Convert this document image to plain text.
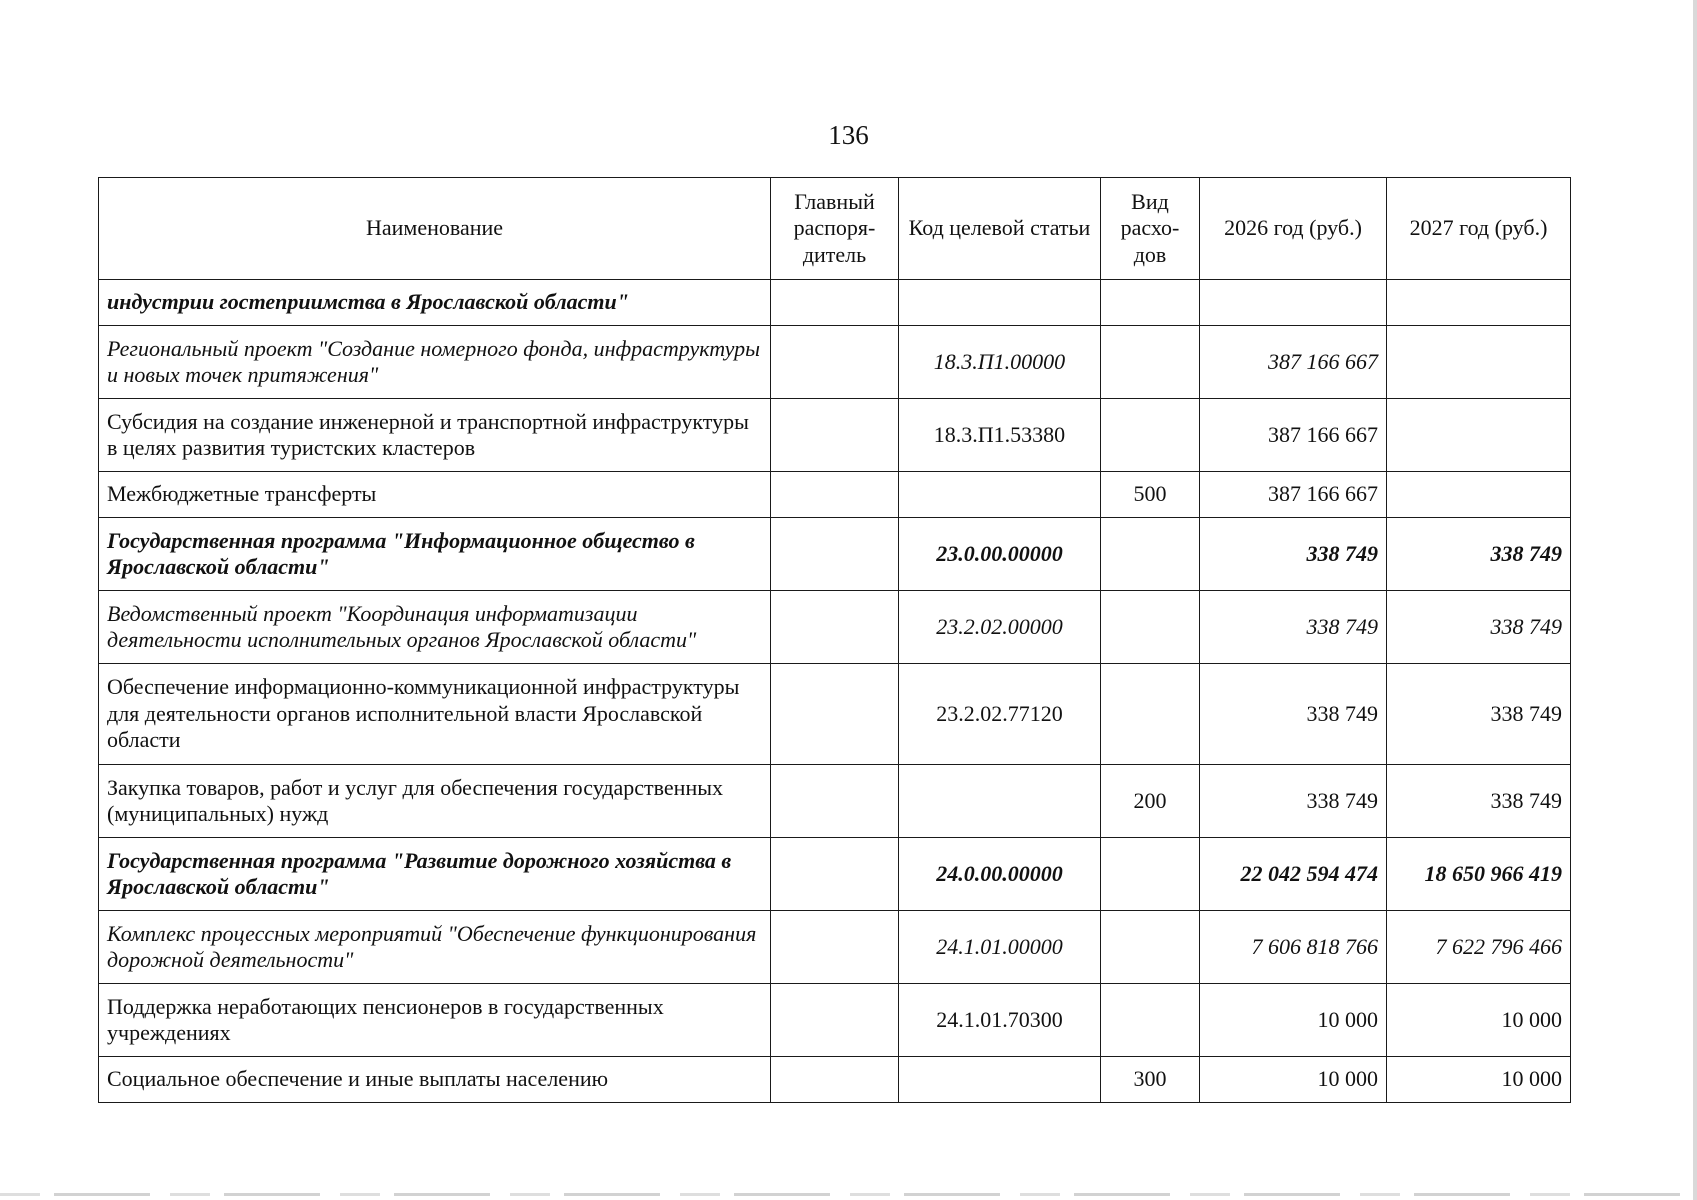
136
Наименование	Главный распоря-дитель	Код целевой статьи	Вид расхо-дов	2026 год (руб.)	2027 год (руб.)
индустрии гостеприимства в Ярославской области"					
Региональный проект "Создание номерного фонда, инфраструктуры и новых точек притяжения"		18.3.П1.00000		387 166 667	
Субсидия на создание инженерной и транспортной инфраструктуры в целях развития туристских кластеров		18.3.П1.53380		387 166 667	
Межбюджетные трансферты			500	387 166 667	
Государственная программа "Информационное общество в Ярославской области"		23.0.00.00000		338 749	338 749
Ведомственный проект "Координация информатизации деятельности исполнительных органов Ярославской области"		23.2.02.00000		338 749	338 749
Обеспечение информационно-коммуникационной инфраструктуры для деятельности органов исполнительной власти Ярославской области		23.2.02.77120		338 749	338 749
Закупка товаров, работ и услуг для обеспечения государственных (муниципальных) нужд			200	338 749	338 749
Государственная программа "Развитие дорожного хозяйства в Ярославской области"		24.0.00.00000		22 042 594 474	18 650 966 419
Комплекс процессных мероприятий "Обеспечение функционирования дорожной деятельности"		24.1.01.00000		7 606 818 766	7 622 796 466
Поддержка неработающих пенсионеров в государственных учреждениях		24.1.01.70300		10 000	10 000
Социальное обеспечение и иные выплаты населению			300	10 000	10 000
